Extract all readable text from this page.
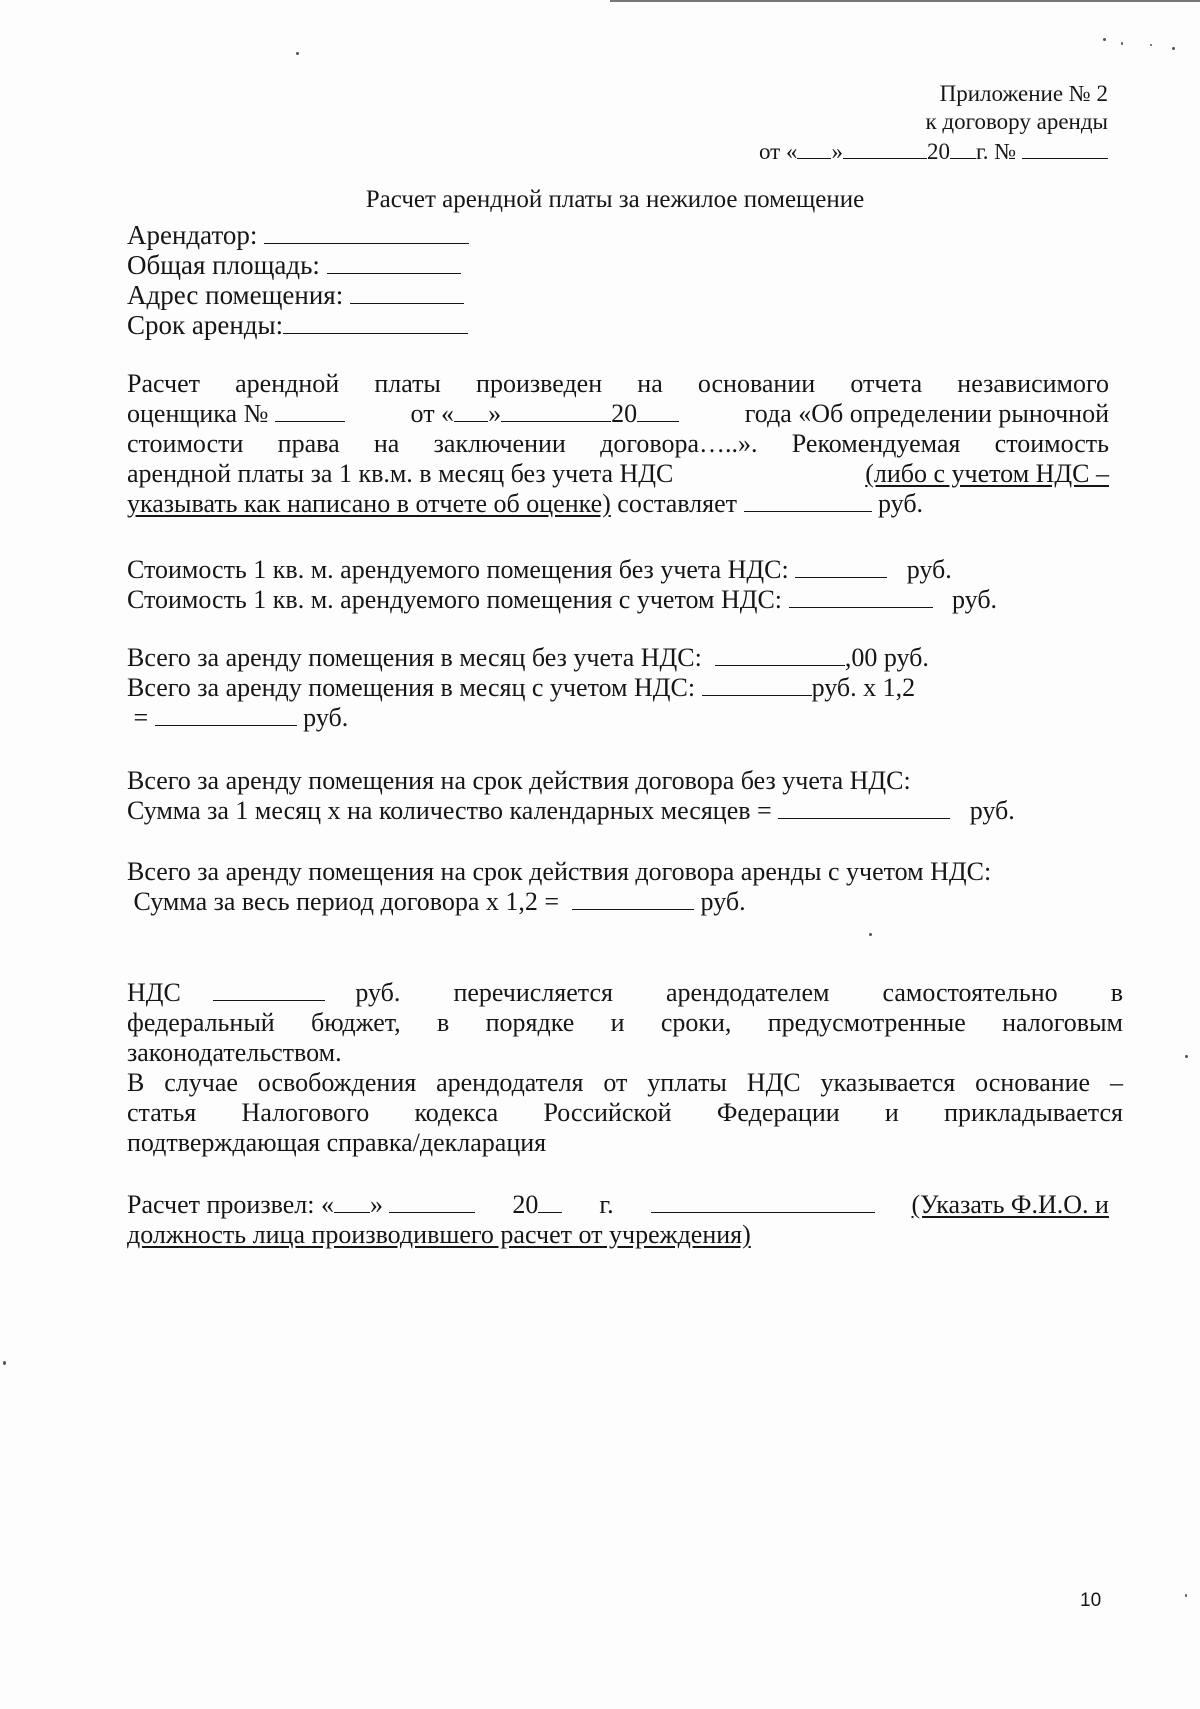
Приложение № 2
к договору аренды
от « »	20 г. №
Расчет арендной платы за нежилое помещение
Арендатор:
Общая площадь:
Адрес помещения:
Срок аренды:
Расчет арендной платы произведен на основании отчета независимого
оценщика №	от « »	20	года «Об определении рыночной
стоимости права на заключении договора…..». Рекомендуемая стоимость
арендной платы за 1 кв.м. в месяц без учета НДС	(либо с учетом НДС –
указывать как написано в отчете об оценке) составляет	руб.
Стоимость 1 кв. м. арендуемого помещения без учета НДС:	руб.
Стоимость 1 кв. м. арендуемого помещения с учетом НДС:	руб.
Всего за аренду помещения в месяц без учета НДС:	,00 руб.
Всего за аренду помещения в месяц с учетом НДС:	руб. х 1,2
=	руб.
Всего за аренду помещения на срок действия договора без учета НДС:
Сумма за 1 месяц х на количество календарных месяцев =	руб.
Всего за аренду помещения на срок действия договора аренды с учетом НДС:
Сумма за весь период договора х 1,2 =	руб.
НДС	руб. перечисляется арендодателем самостоятельно в
федеральный бюджет, в порядке и сроки, предусмотренные налоговым
законодательством.
В случае освобождения арендодателя от уплаты НДС указывается основание –
статья Налогового кодекса Российской Федерации и прикладывается
подтверждающая справка/декларация
Расчет произвел: « »	20	г.	(Указать Ф.И.О. и
должность лица производившего расчет от учреждения)
10
